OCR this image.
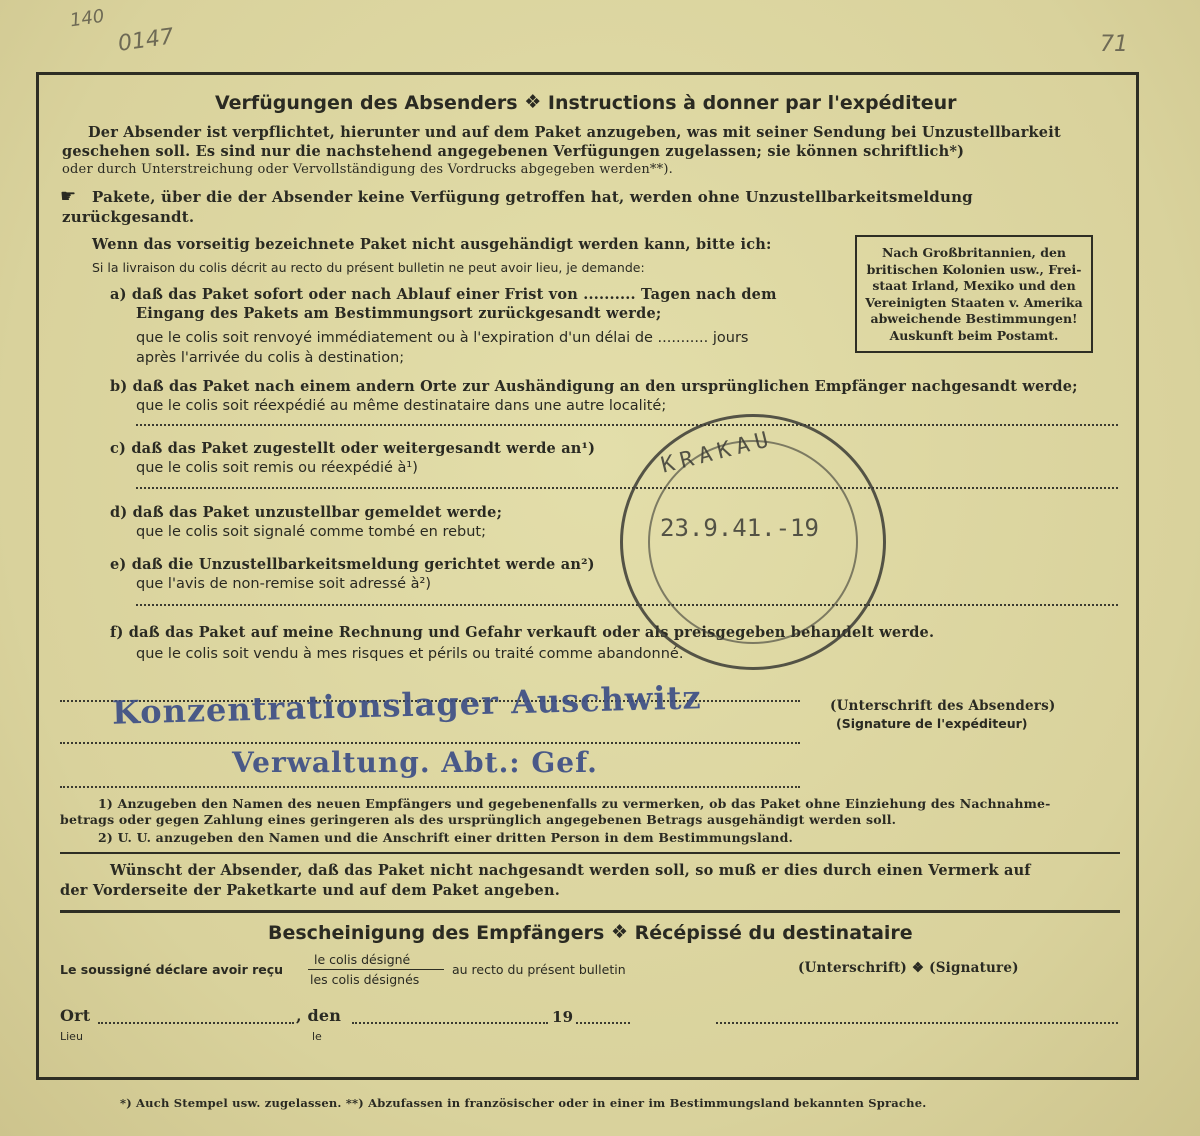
0147
140
71
Verfügungen des Absenders ❖ Instructions à donner par l'expéditeur
Der Absender ist verpflichtet, hierunter und auf dem Paket anzugeben, was mit seiner Sendung bei Unzustellbarkeit
geschehen soll. Es sind nur die nachstehend angegebenen Verfügungen zugelassen; sie können schriftlich*)
oder durch Unterstreichung oder Vervollständigung des Vordrucks abgegeben werden**).
☛ Pakete, über die der Absender keine Verfügung getroffen hat, werden ohne Unzustellbarkeitsmeldung
zurückgesandt.
Wenn das vorseitig bezeichnete Paket nicht ausgehändigt werden kann, bitte ich:
Si la livraison du colis décrit au recto du présent bulletin ne peut avoir lieu, je demande:
Nach Großbritannien, den
britischen Kolonien usw., Frei-
staat Irland, Mexiko und den
Vereinigten Staaten v. Amerika
abweichende Bestimmungen!
Auskunft beim Postamt.
a) daß das Paket sofort oder nach Ablauf einer Frist von .......... Tagen nach dem
Eingang des Pakets am Bestimmungsort zurückgesandt werde;
que le colis soit renvoyé immédiatement ou à l'expiration d'un délai de ........... jours
après l'arrivée du colis à destination;
b) daß das Paket nach einem andern Orte zur Aushändigung an den ursprünglichen Empfänger nachgesandt werde;
que le colis soit réexpédié au même destinataire dans une autre localité;
c) daß das Paket zugestellt oder weitergesandt werde an¹)
que le colis soit remis ou réexpédié à¹)
d) daß das Paket unzustellbar gemeldet werde;
que le colis soit signalé comme tombé en rebut;
e) daß die Unzustellbarkeitsmeldung gerichtet werde an²)
que l'avis de non-remise soit adressé à²)
f) daß das Paket auf meine Rechnung und Gefahr verkauft oder als preisgegeben behandelt werde.
que le colis soit vendu à mes risques et périls ou traité comme abandonné.
KRAKAU
23.9.41.-19
Konzentrationslager Auschwitz
Verwaltung. Abt.: Gef.
(Unterschrift des Absenders)
(Signature de l'expéditeur)
1) Anzugeben den Namen des neuen Empfängers und gegebenenfalls zu vermerken, ob das Paket ohne Einziehung des Nachnahme-
betrags oder gegen Zahlung eines geringeren als des ursprünglich angegebenen Betrags ausgehändigt werden soll.
2) U. U. anzugeben den Namen und die Anschrift einer dritten Person in dem Bestimmungsland.
Wünscht der Absender, daß das Paket nicht nachgesandt werden soll, so muß er dies durch einen Vermerk auf
der Vorderseite der Paketkarte und auf dem Paket angeben.
Bescheinigung des Empfängers ❖ Récépissé du destinataire
Le soussigné déclare avoir reçu
le colis désigné
les colis désignés
au recto du présent bulletin	(Unterschrift) ❖ (Signature)
Ort
Lieu
, den
le
19
*) Auch Stempel usw. zugelassen. **) Abzufassen in französischer oder in einer im Bestimmungsland bekannten Sprache.
